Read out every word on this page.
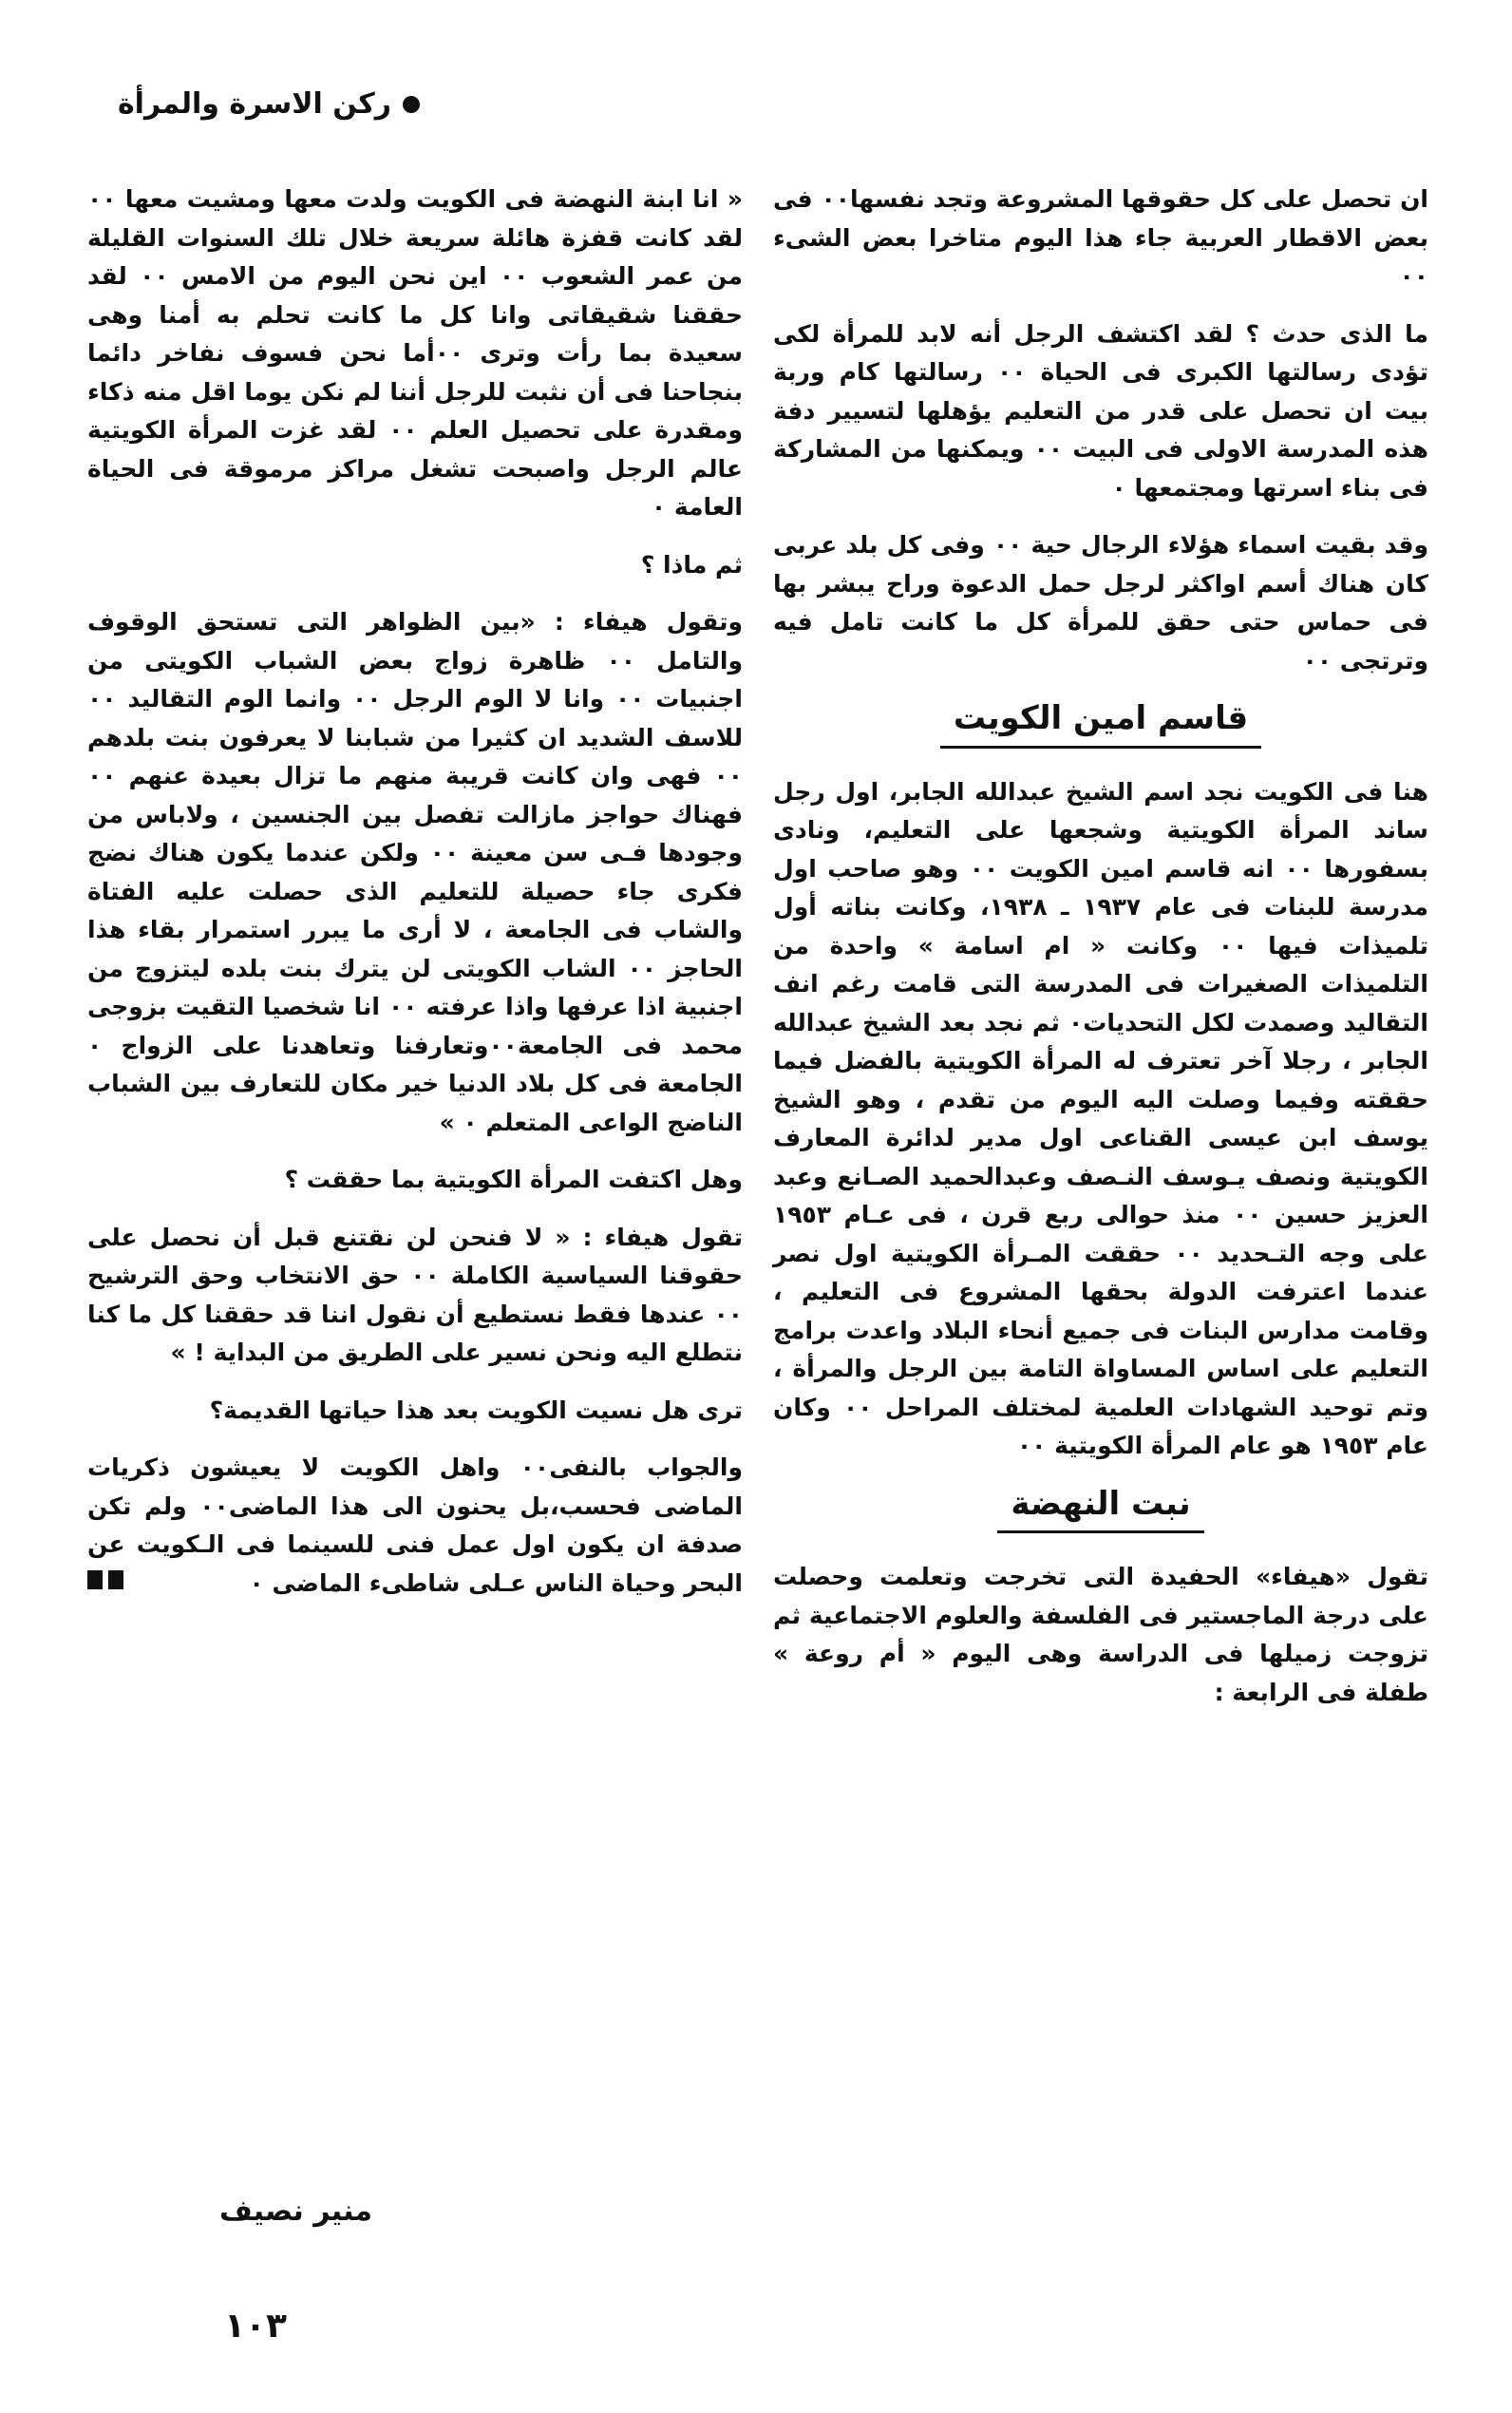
ركن الاسرة والمرأة

ان تحصل على كل حقوقها المشروعة وتجد نفسها٠٠ فى بعض الاقطار العربية جاء هذا اليوم متاخرا بعض الشىء ٠٠

ما الذى حدث ؟ لقد اكتشف الرجل أنه لابد للمرأة لكى تؤدى رسالتها الكبرى فى الحياة ٠٠ رسالتها كام وربة بيت ان تحصل على قدر من التعليم يؤهلها لتسيير دفة هذه المدرسة الاولى فى البيت ٠٠ ويمكنها من المشاركة فى بناء اسرتها ومجتمعها ٠

وقد بقيت اسماء هؤلاء الرجال حية ٠٠ وفى كل بلد عربى كان هناك أسم اواكثر لرجل حمل الدعوة وراح يبشر بها فى حماس حتى حقق للمرأة كل ما كانت تامل فيه وترتجى ٠٠

قاسم امين الكويت

هنا فى الكويت نجد اسم الشيخ عبدالله الجابر، اول رجل ساند المرأة الكويتية وشجعها على التعليم، ونادى بسفورها ٠٠ انه قاسم امين الكويت ٠٠ وهو صاحب اول مدرسة للبنات فى عام ١٩٣٧ ـ ١٩٣٨، وكانت بناته أول تلميذات فيها ٠٠ وكانت « ام اسامة » واحدة من التلميذات الصغيرات فى المدرسة التى قامت رغم انف التقاليد وصمدت لكل التحديات٠ ثم نجد بعد الشيخ عبدالله الجابر ، رجلا آخر تعترف له المرأة الكويتية بالفضل فيما حققته وفيما وصلت اليه اليوم من تقدم ، وهو الشيخ يوسف ابن عيسى القناعى اول مدير لدائرة المعارف الكويتية ونصف يـوسف النـصف وعبدالحميد الصـانع وعبد العزيز حسين ٠٠ منذ حوالى ربع قرن ، فى عـام ١٩٥٣ على وجه التـحديد ٠٠ حققت المـرأة الكويتية اول نصر عندما اعترفت الدولة بحقها المشروع فى التعليم ، وقامت مدارس البنات فى جميع أنحاء البلاد واعدت برامج التعليم على اساس المساواة التامة بين الرجل والمرأة ، وتم توحيد الشهادات العلمية لمختلف المراحل ٠٠ وكان عام ١٩٥٣ هو عام المرأة الكويتية ٠٠

نبت النهضة

تقول «هيفاء» الحفيدة التى تخرجت وتعلمت وحصلت على درجة الماجستير فى الفلسفة والعلوم الاجتماعية ثم تزوجت زميلها فى الدراسة وهى اليوم « أم روعة » طفلة فى الرابعة :

« انا ابنة النهضة فى الكويت ولدت معها ومشيت معها ٠٠ لقد كانت قفزة هائلة سريعة خلال تلك السنوات القليلة من عمر الشعوب ٠٠ اين نحن اليوم من الامس ٠٠ لقد حققنا شقيقاتى وانا كل ما كانت تحلم به أمنا وهى سعيدة بما رأت وترى ٠٠أما نحن فسوف نفاخر دائما بنجاحنا فى أن نثبت للرجل أننا لم نكن يوما اقل منه ذكاء ومقدرة على تحصيل العلم ٠٠ لقد غزت المرأة الكويتية عالم الرجل واصبحت تشغل مراكز مرموقة فى الحياة العامة ٠

ثم ماذا ؟

وتقول هيفاء : «بين الظواهر التى تستحق الوقوف والتامل ٠٠ ظاهرة زواج بعض الشباب الكويتى من اجنبيات ٠٠ وانا لا الوم الرجل ٠٠ وانما الوم التقاليد ٠٠ للاسف الشديد ان كثيرا من شبابنا لا يعرفون بنت بلدهم ٠٠ فهى وان كانت قريبة منهم ما تزال بعيدة عنهم ٠٠ فهناك حواجز مازالت تفصل بين الجنسين ، ولاباس من وجودها فـى سن معينة ٠٠ ولكن عندما يكون هناك نضج فكرى جاء حصيلة للتعليم الذى حصلت عليه الفتاة والشاب فى الجامعة ، لا أرى ما يبرر استمرار بقاء هذا الحاجز ٠٠ الشاب الكويتى لن يترك بنت بلده ليتزوج من اجنبية اذا عرفها واذا عرفته ٠٠ انا شخصيا التقيت بزوجى محمد فى الجامعة٠٠وتعارفنا وتعاهدنا على الزواج ٠ الجامعة فى كل بلاد الدنيا خير مكان للتعارف بين الشباب الناضج الواعى المتعلم ٠ »

وهل اكتفت المرأة الكويتية بما حققت ؟

تقول هيفاء : « لا فنحن لن نقتنع قبل أن نحصل على حقوقنا السياسية الكاملة ٠٠ حق الانتخاب وحق الترشيح ٠٠ عندها فقط نستطيع أن نقول اننا قد حققنا كل ما كنا نتطلع اليه ونحن نسير على الطريق من البداية ! »

ترى هل نسيت الكويت بعد هذا حياتها القديمة؟

والجواب بالنفى٠٠ واهل الكويت لا يعيشون ذكريات الماضى فحسب،بل يحنون الى هذا الماضى٠٠ ولم تكن صدفة ان يكون اول عمل فنى للسينما فى الـكويت عن البحر وحياة الناس عـلى شاطىء الماضى ٠

منير نصيف
١٠٣
